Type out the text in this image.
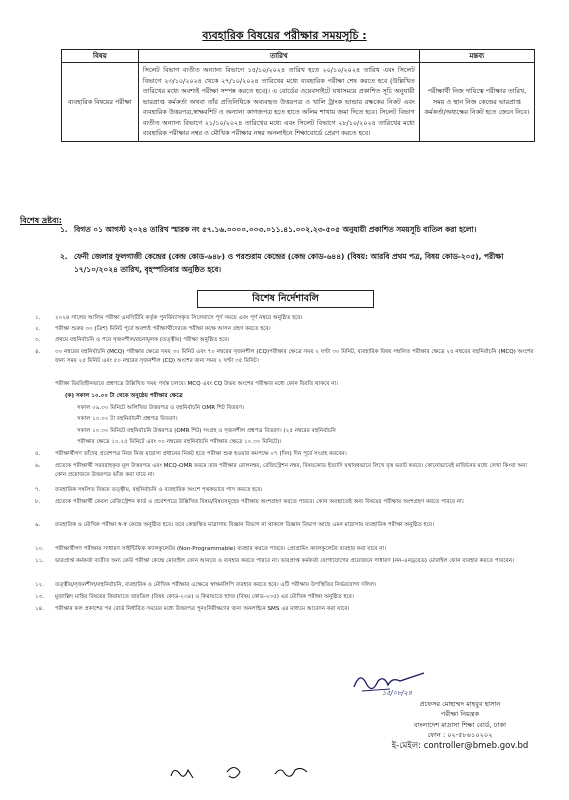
ব্যবহারিক বিষয়ের পরীক্ষার সময়সূচি :
বিষয়	তারিখ	মন্তব্য
ব্যবহারিক বিষয়ের পরীক্ষা	সিলেট বিভাগ ব্যতীত অন্যান্য বিভাগে ১৫/১০/২০২৪ তারিখ হতে ২০/১০/২০২৪ তারিখ এবং সিলেট বিভাগে ২৩/১০/২০২৪ থেকে ২৭/১০/২০২৪ তারিখের মধ্যে ব্যবহারিক পরীক্ষা শেষ করতে হবে (উল্লিখিত তারিখের মধ্যে অবশ্যই পরীক্ষা সম্পন্ন করতে হবে)। এ বোর্ডের ওয়েবসাইটে যথাসময়ে প্রকাশিত সূচি অনুযায়ী ভারপ্রাপ্ত কর্মকর্তা অথবা তাঁর প্রতিনিধিকে অব্যবহৃত উত্তরপত্র ও খালি ট্রাংক ভান্ডার রক্ষকের নিকট এবং ব্যবহারিক উত্তরপত্র,স্বাক্ষরশিট ও অন্যান্য কাগজপত্র হতে হাতে অলিম শাখায় জমা দিতে হবে। সিলেট বিভাগ ব্যতীত অন্যান্য বিভাগে ২১/১০/২০২৪ তারিখের মধ্যে এবং সিলেট বিভাগে ২৮/১০/২০২৪ তারিখের মধ্যে ব্যবহারিক পরীক্ষার নম্বর ও মৌখিক পরীক্ষার নম্বর অনলাইনে শিক্ষাবোর্ডে প্রেরণ করতে হবে।	পরীক্ষার্থী নিজ দায়িত্বে পরীক্ষার তারিখ, সময় ও স্থান নিজ কেন্দ্রের ভারপ্রাপ্ত কর্মকর্তা/অধ্যক্ষের নিকট হতে জেনে নিবে।
বিশেষ দ্রষ্টব্য:
১. বিগত ০১ আগস্ট ২০২৪ তারিখ স্মারক নং ৫৭.১৬.০০০০.০০৩.০১১.৪১.০০২.২৩-৫০৫ অনুযায়ী প্রকাশিত সময়সূচি বাতিল করা হলো।
২. ফেনী জেলার ফুলগাজী কেন্দ্রের (কেন্দ্র কোড-৬৪৮) ও পরশুরাম কেন্দ্রের (কেন্দ্র কোড-৬৪৪) (বিষয়: আরবি প্রথম পত্র, বিষয় কোড-২০৫), পরীক্ষা ১৭/১০/২০২৪ তারিখ, বৃহস্পতিবার অনুষ্ঠিত হবে।
বিশেষ নির্দেশাবলি
১.	২০২৪ সালের আলিম পরীক্ষা এনসিটিবি কর্তৃক পুনর্বিন্যাসকৃত সিলেবাসে পূর্ণ সময়ে এবং পূর্ণ নম্বরে অনুষ্ঠিত হবে।
২.	পরীক্ষা শুরুর ৩০ (ত্রিশ) মিনিট পূর্বে অবশ্যই পরীক্ষার্থীদেরকে পরীক্ষা কক্ষে আসন গ্রহণ করতে হবে।
৩.	প্রথমে বহুনির্বাচনি ও পরে সৃজনশীল/রচনামূলক (তত্ত্বীয়) পরীক্ষা অনুষ্ঠিত হবে।
৪.	৩০ নম্বরের বহুনির্বাচনি (MCQ) পরীক্ষার ক্ষেত্রে সময় ৩০ মিনিট এবং ৭০ নম্বরের সৃজনশীল (CQ)পরীক্ষার ক্ষেত্রে সময় ২ ঘণ্টা ৩০ মিনিট, ব্যবহারিক বিষয় সম্বলিত পরীক্ষার ক্ষেত্রে ২৫ নম্বরের বহুনির্বাচনি (MCQ) অংশের জন্য সময় ২৫ মিনিট এবং ৫০ নম্বরের সৃজনশীল (CQ) অংশের জন্য সময় ২ ঘণ্টা ৩৫ মিনিট।
পরীক্ষা বিরতিহীনভাবে প্রশ্নপত্রে উল্লিখিত সময় পর্যন্ত চলবে। MCQ এবং CQ উভয় অংশের পরীক্ষার মধ্যে কোন বিরতি থাকবে না।
(ক) সকাল ১০.০০ টা থেকে অনুষ্ঠেয় পরীক্ষার ক্ষেত্রে
সকাল ০৯.৩০ মিনিটে অলিখিত উত্তরপত্র ও বহুনির্বাচনি OMR শিট বিতরণ।
সকাল ১০.০০ টা বহুনির্বাচনী প্রশ্নপত্র বিতরণ।
সকাল ১০.৩০ মিনিটে বহুনির্বাচনি উত্তরপত্র (OMR শিট) সংগ্রহ ও সৃজনশীল প্রশ্নপত্র বিতরণ। (২৫ নম্বরের বহুনির্বাচনি
পরীক্ষার ক্ষেত্রে ১০.২৫ মিনিটে এবং ৩০ নম্বরের বহুনির্বাচনি পরীক্ষার ক্ষেত্রে ১০.৩০ মিনিটে)।
৫.	পরীক্ষার্থীগণ তাঁদের প্রবেশপত্র নিজ নিজ মাদ্রাসা প্রধানের নিকট হতে পরীক্ষা শুরু হওয়ার কমপক্ষে ০৭ (দিন) দিন পূর্বে সংগ্রহ করবেন।
৬.	প্রত্যেক পরীক্ষার্থী সরবরাহকৃত মূল উত্তরপত্র এবং MCQ-OMR ফরমে তার পরীক্ষার রোলনম্বর, রেজিস্ট্রেশন নম্বর, বিষয়কোড ইত্যাদি যথাযথভাবে লিখে বৃত্ত ভরাট করবে। কোনোভাবেই মার্জিনের মধ্যে লেখা কিংবা অন্য কোন প্রয়োজনে উত্তরপত্র ভাঁজ করা যাবে না।
৭.	ব্যবহারিক সম্বলিত বিষয়ে তত্ত্বীয়, বহুনির্বাচনি ও ব্যবহারিক অংশে পৃথকভাবে পাস করতে হবে।
৮.	প্রত্যেক পরীক্ষার্থী কেবল রেজিস্ট্রেশন কার্ড ও প্রবেশপত্রে উল্লিখিত বিষয়/বিষয়সমূহের পরীক্ষায় অংশগ্রহণ করতে পারবে। কোন অবস্থাতেই অন্য বিষয়ের পরীক্ষায় অংশগ্রহণ করতে পারবে না।
৯.	ব্যবহারিক ও মৌখিক পরীক্ষা স্ব-স্ব কেন্দ্রে অনুষ্ঠিত হবে। তবে কেন্দ্রস্থিত মাদ্রাসায় বিজ্ঞান বিভাগ না থাকলে বিজ্ঞান বিভাগ আছে এমন মাদ্রাসায় ব্যবহারিক পরীক্ষা অনুষ্ঠিত হবে।
১০. পরীক্ষার্থীগণ পরীক্ষায় সাধারণ সাইন্টিফিক ক্যালকুলেটর (Non-Programmable) ব্যবহার করতে পারবে। প্রোগ্রামিং ক্যালকুলেটর ব্যবহার করা যাবে না।
১১. ভারপ্রাপ্ত কর্মকর্তা ব্যতীত অন্য কেউ পরীক্ষা কেন্দ্রে মোবাইল ফোন আনতে ও ব্যবহার করতে পারবে না। ভারপ্রাপ্ত কর্মকর্তা যোগাযোগের প্রয়োজনে সাধারণ (নন-এনড্রয়েড) মোবাইল ফোন ব্যবহার করতে পারবেন।
১২. তত্ত্বীয়/সৃজনশীল/বহুনির্বাচনি, ব্যবহারিক ও মৌখিক পরীক্ষার এক্ষেত্রে স্বাক্ষরলিপি ব্যবহার করতে হবে। এটি পরীক্ষায় উপস্থিতির নির্ভরযোগ্য দলিল।
১৩. মুজাল্লিদ মাহির বিষয়ের কিরায়াতে তারতিল (বিষয় কোড-২৩৪) ও কিরায়াতে হাদর (বিষয় কোড-২৩৫) এর মৌখিক পরীক্ষা অনুষ্ঠিত হবে।
১৪. পরীক্ষার ফল প্রকাশের পর বোর্ড নির্ধারিত সময়ের মধ্যে উত্তরপত্র পুনঃনিরীক্ষণের জন্য অনলাইনে SMS এর মাধ্যমে আবেদন করা যাবে।
১৫/০৮/২৪
প্রফেসর মোহাম্মদ মাহবুব হাসান
পরীক্ষা নিয়ন্ত্রক
বাংলাদেশ মাদ্রাসা শিক্ষা বোর্ড, ঢাকা
ফোন : ০২-৫৮৬১০২০২
ই-মেইল: controller@bmeb.gov.bd
